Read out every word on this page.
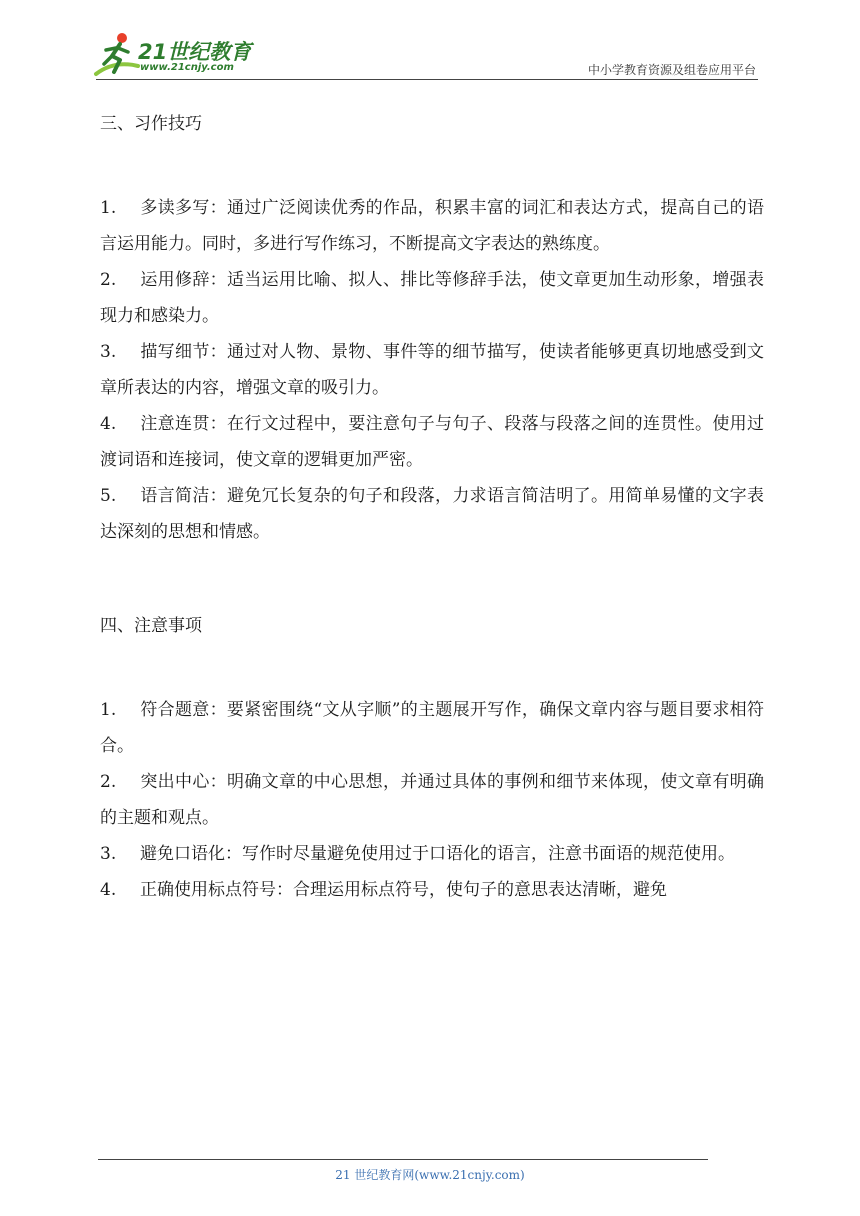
21世纪教育
www.21cnjy.com	中小学教育资源及组卷应用平台
三、习作技巧
1. 多读多写：通过广泛阅读优秀的作品，积累丰富的词汇和表达方式，提高自己的语言运用能力。同时，多进行写作练习，不断提高文字表达的熟练度。
2. 运用修辞：适当运用比喻、拟人、排比等修辞手法，使文章更加生动形象，增强表现力和感染力。
3. 描写细节：通过对人物、景物、事件等的细节描写，使读者能够更真切地感受到文章所表达的内容，增强文章的吸引力。
4. 注意连贯：在行文过程中，要注意句子与句子、段落与段落之间的连贯性。使用过渡词语和连接词，使文章的逻辑更加严密。
5. 语言简洁：避免冗长复杂的句子和段落，力求语言简洁明了。用简单易懂的文字表达深刻的思想和情感。
四、注意事项
1. 符合题意：要紧密围绕“文从字顺”的主题展开写作，确保文章内容与题目要求相符合。
2. 突出中心：明确文章的中心思想，并通过具体的事例和细节来体现，使文章有明确的主题和观点。
3. 避免口语化：写作时尽量避免使用过于口语化的语言，注意书面语的规范使用。
4. 正确使用标点符号：合理运用标点符号，使句子的意思表达清晰，避免
21 世纪教育网(www.21cnjy.com)
